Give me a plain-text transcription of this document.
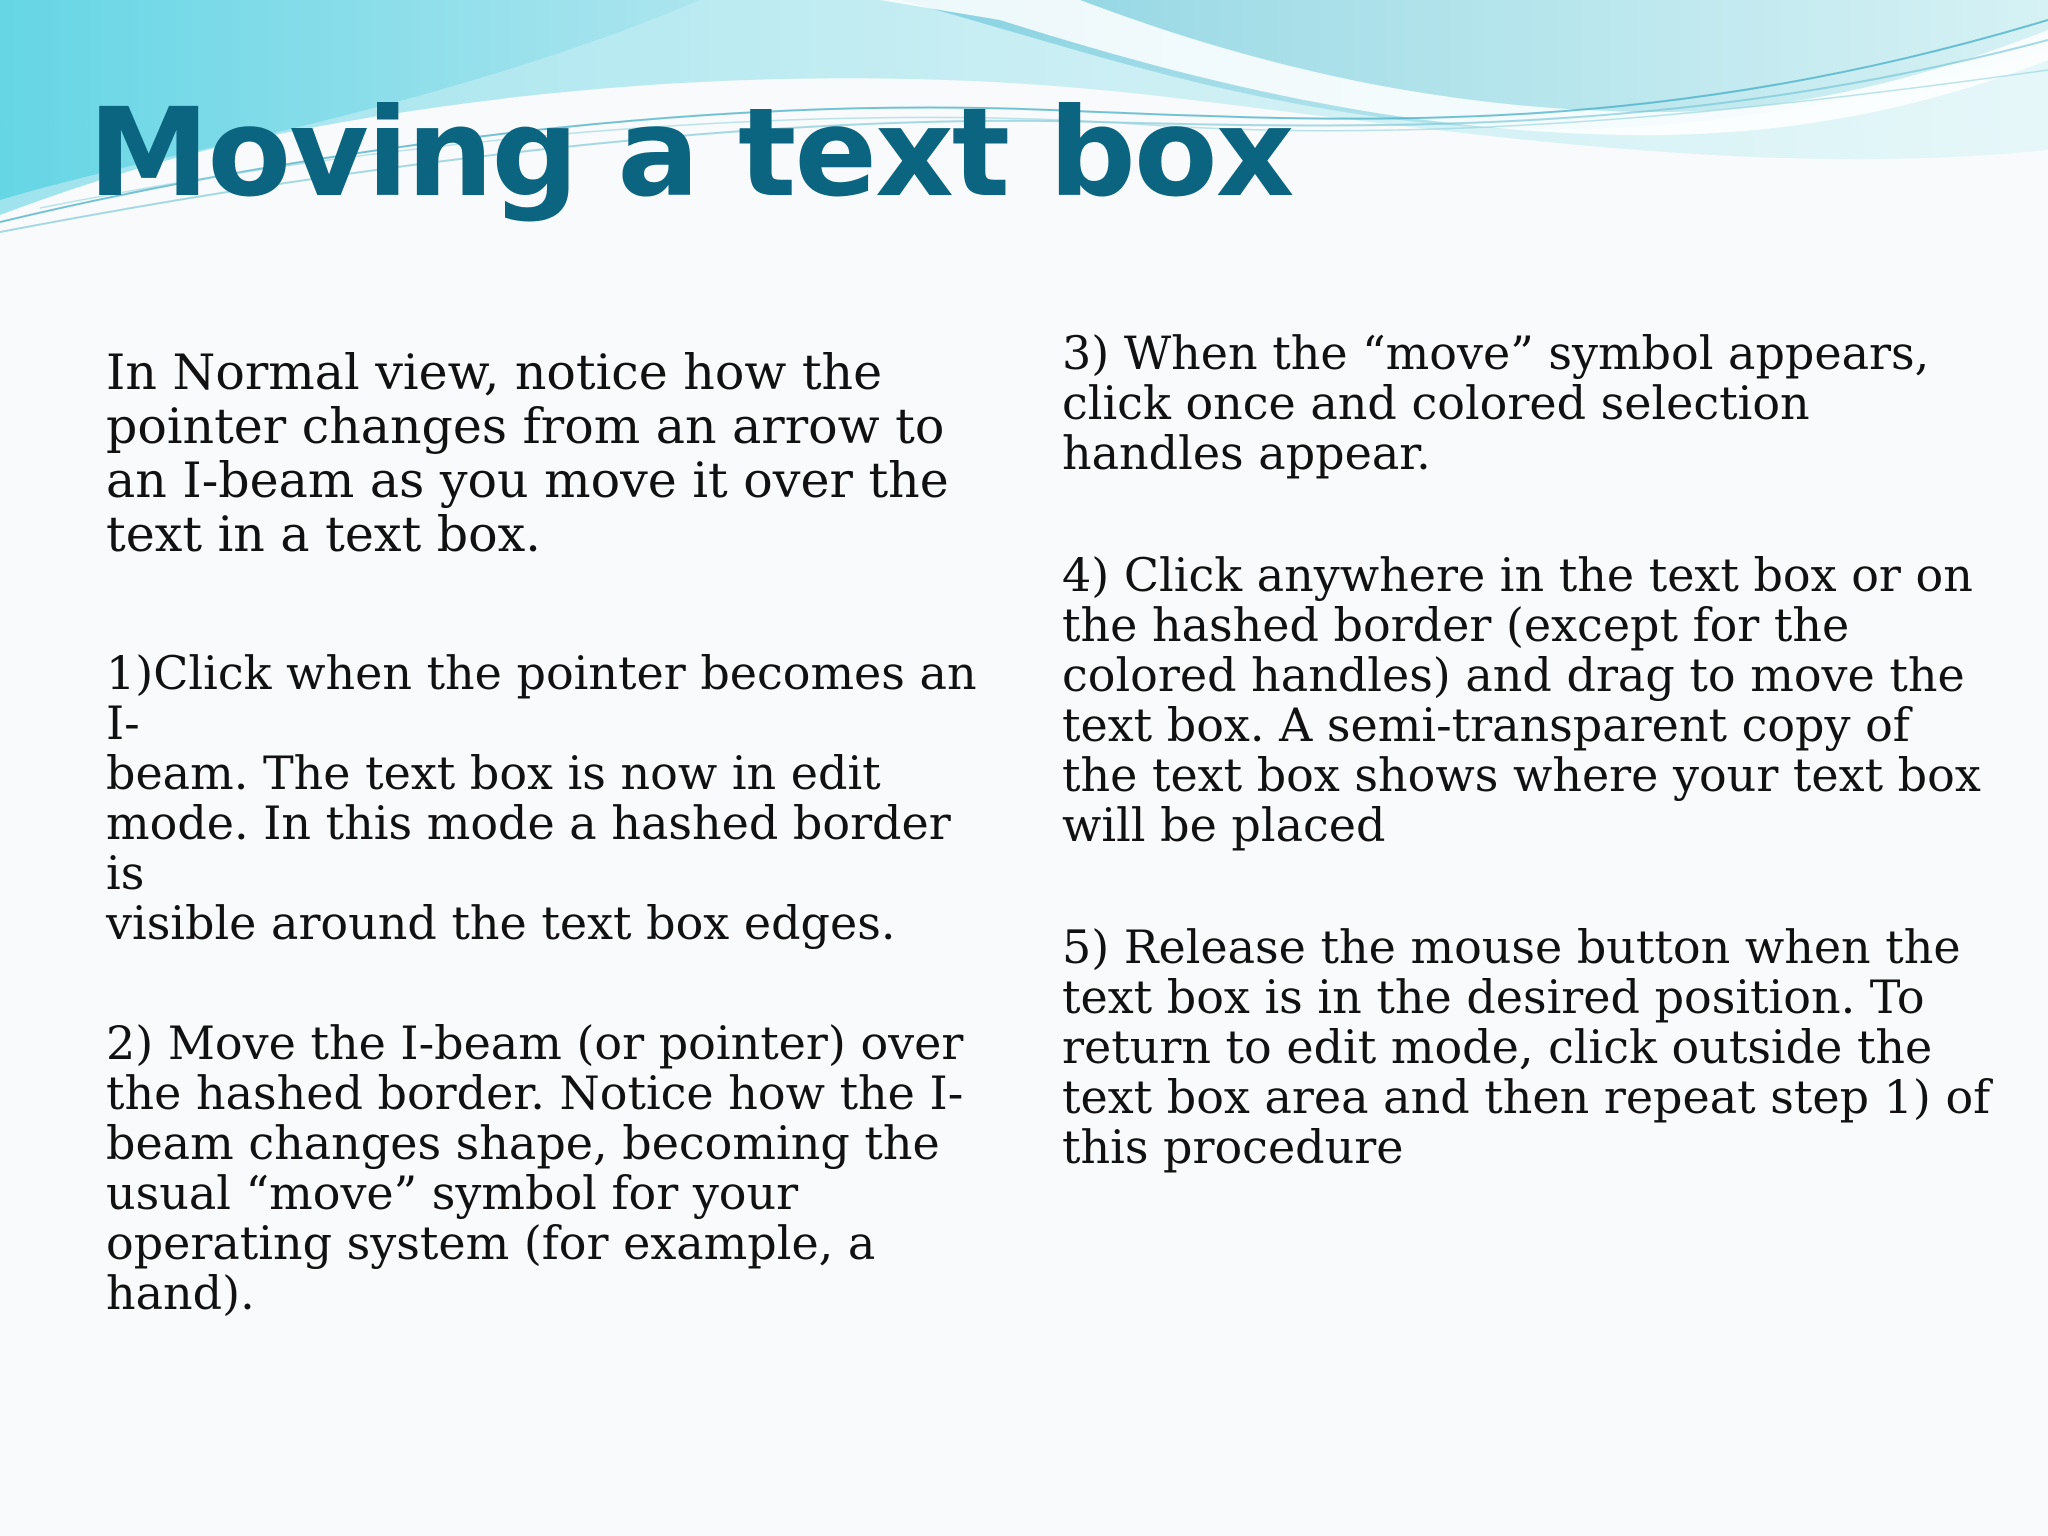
Moving a text box

In Normal view, notice how the
pointer changes from an arrow to
an I-beam as you move it over the
text in a text box.

1)Click when the pointer becomes an I-
beam. The text box is now in edit
mode. In this mode a hashed border is
visible around the text box edges.

2) Move the I-beam (or pointer) over
the hashed border. Notice how the I-
beam changes shape, becoming the
usual “move” symbol for your
operating system (for example, a
hand).

3) When the “move” symbol appears,
click once and colored selection
handles appear.

4) Click anywhere in the text box or on
the hashed border (except for the
colored handles) and drag to move the
text box. A semi-transparent copy of
the text box shows where your text box
will be placed

5) Release the mouse button when the
text box is in the desired position. To
return to edit mode, click outside the
text box area and then repeat step 1) of
this procedure
